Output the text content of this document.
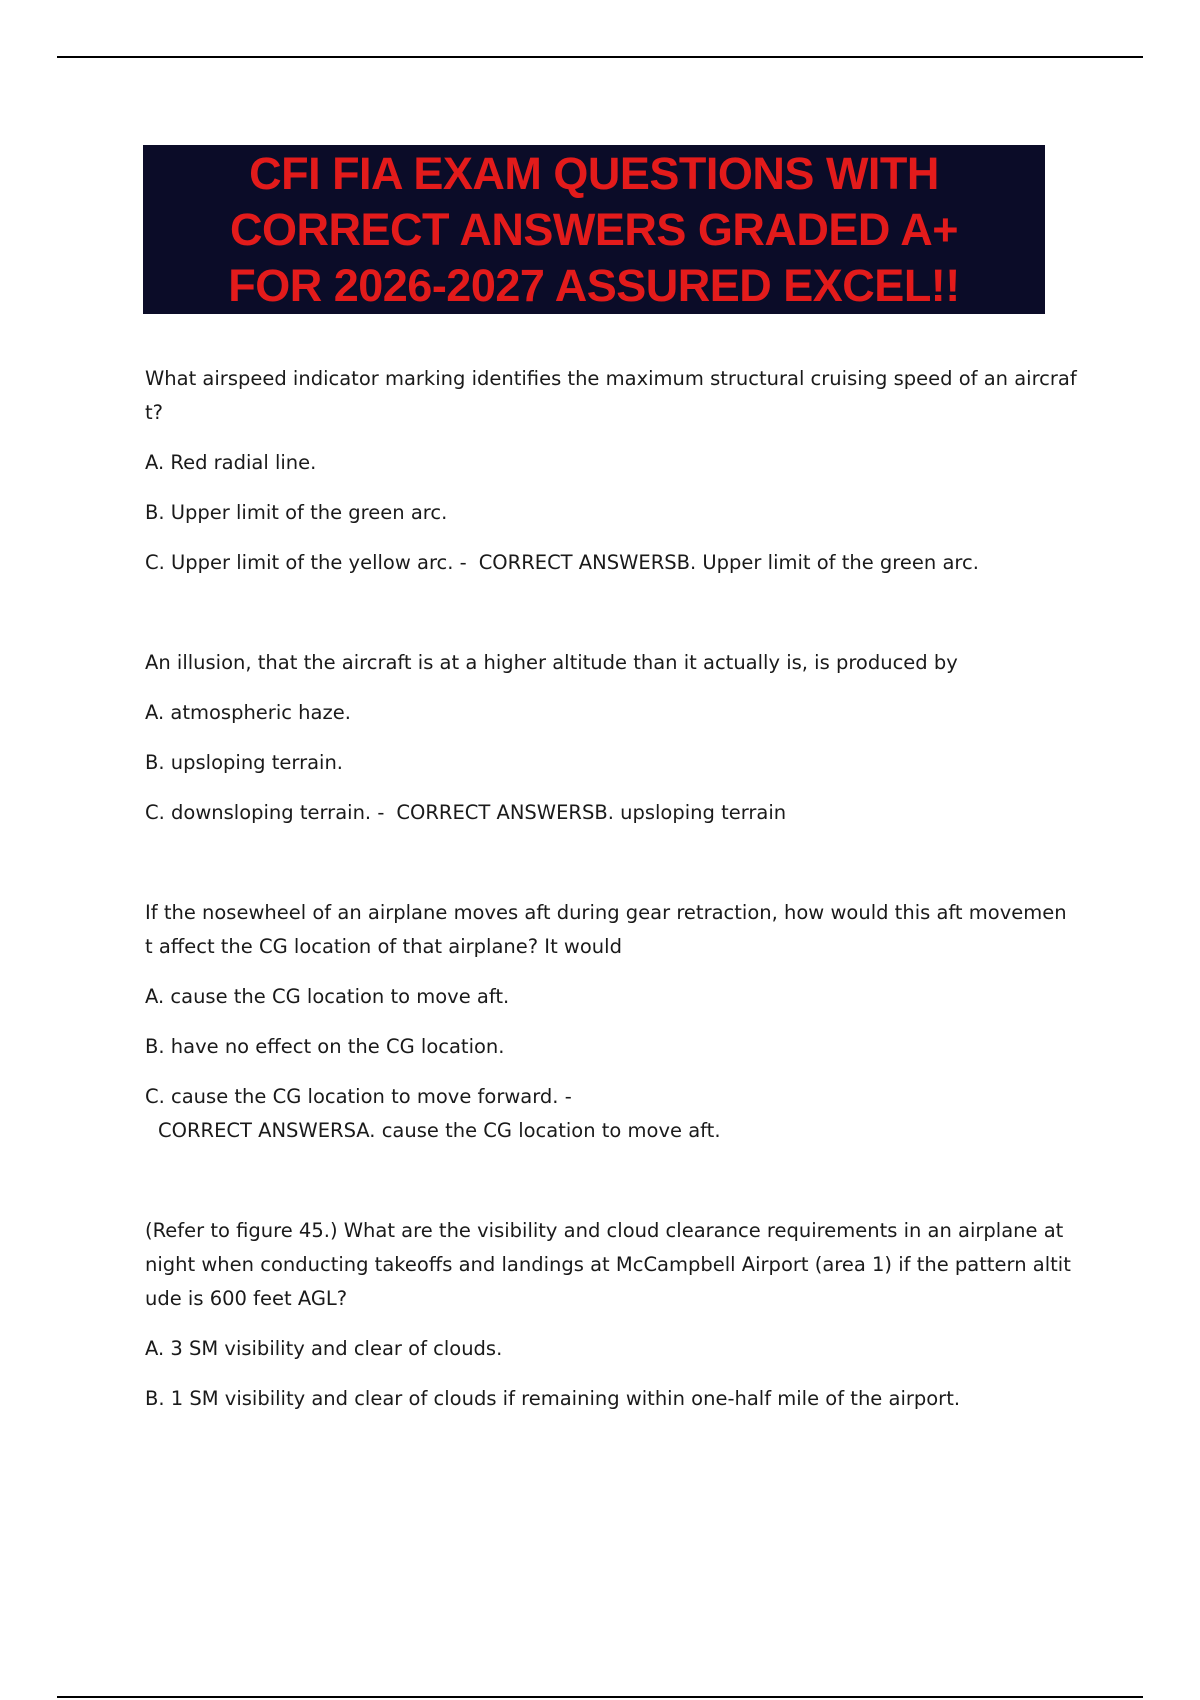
CFI FIA EXAM QUESTIONS WITH
CORRECT ANSWERS GRADED A+
FOR 2026-2027 ASSURED EXCEL!!

What airspeed indicator marking identifies the maximum structural cruising speed of an aircraf
t?

A. Red radial line.

B. Upper limit of the green arc.

C. Upper limit of the yellow arc. - CORRECT ANSWERSB. Upper limit of the green arc.

An illusion, that the aircraft is at a higher altitude than it actually is, is produced by

A. atmospheric haze.

B. upsloping terrain.

C. downsloping terrain. - CORRECT ANSWERSB. upsloping terrain

If the nosewheel of an airplane moves aft during gear retraction, how would this aft movemen
t affect the CG location of that airplane? It would

A. cause the CG location to move aft.

B. have no effect on the CG location.

C. cause the CG location to move forward. -
CORRECT ANSWERSA. cause the CG location to move aft.

(Refer to figure 45.) What are the visibility and cloud clearance requirements in an airplane at
night when conducting takeoffs and landings at McCampbell Airport (area 1) if the pattern altit
ude is 600 feet AGL?

A. 3 SM visibility and clear of clouds.

B. 1 SM visibility and clear of clouds if remaining within one-half mile of the airport.
